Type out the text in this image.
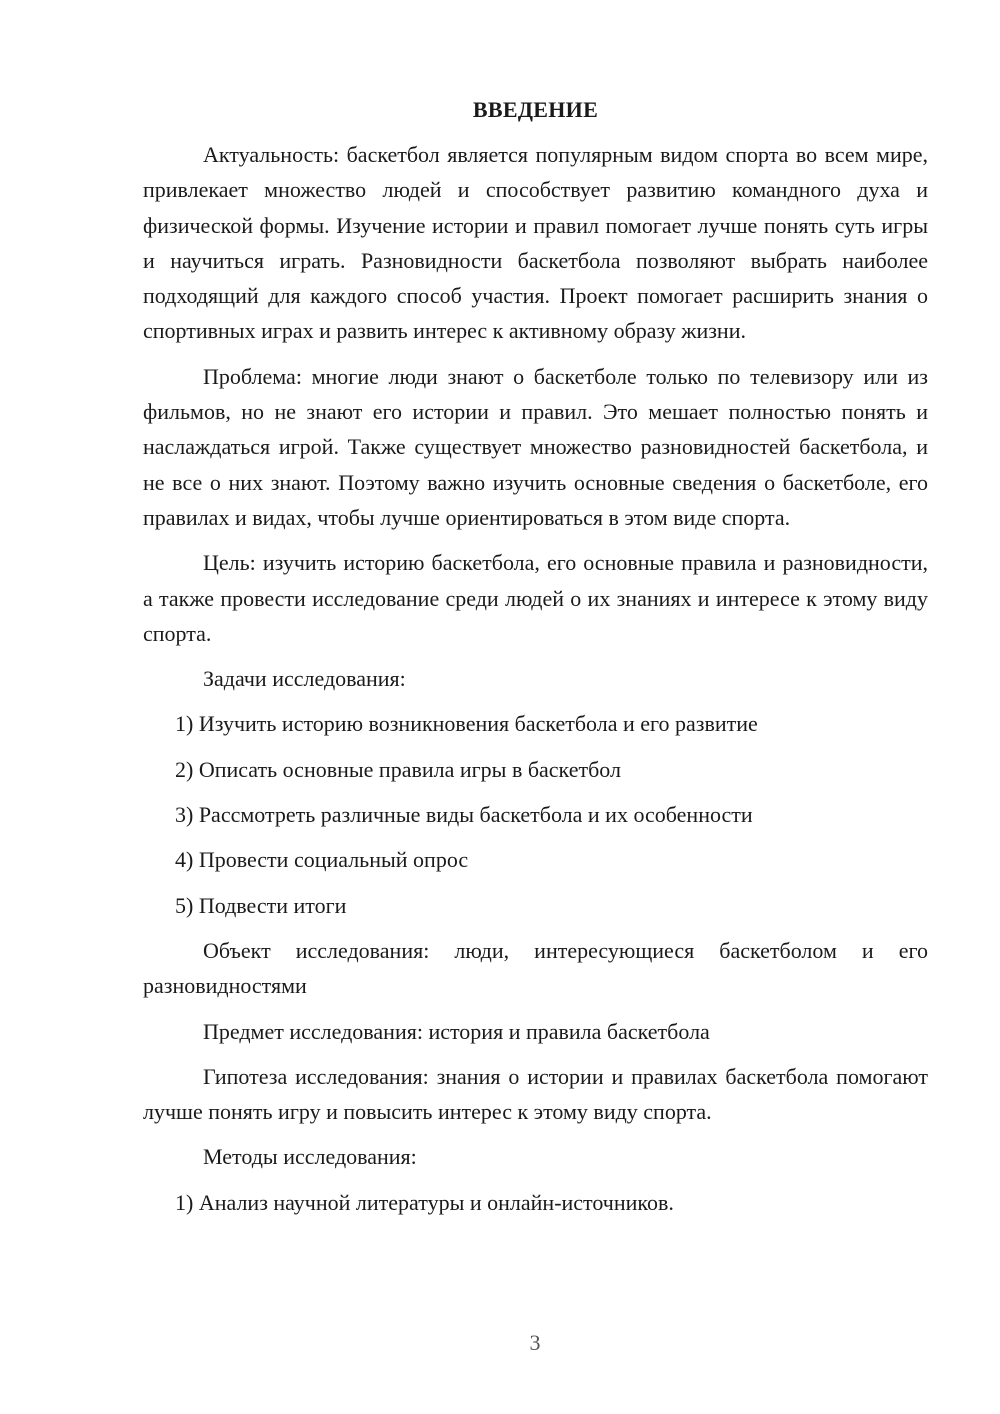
ВВЕДЕНИЕ

Актуальность: баскетбол является популярным видом спорта во всем мире, привлекает множество людей и способствует развитию командного духа и физической формы. Изучение истории и правил помогает лучше понять суть игры и научиться играть. Разновидности баскетбола позволяют выбрать наиболее подходящий для каждого способ участия. Проект помогает расширить знания о спортивных играх и развить интерес к активному образу жизни.

Проблема: многие люди знают о баскетболе только по телевизору или из фильмов, но не знают его истории и правил. Это мешает полностью понять и наслаждаться игрой. Также существует множество разновидностей баскетбола, и не все о них знают. Поэтому важно изучить основные сведения о баскетболе, его правилах и видах, чтобы лучше ориентироваться в этом виде спорта.

Цель: изучить историю баскетбола, его основные правила и разновидности, а также провести исследование среди людей о их знаниях и интересе к этому виду спорта.

Задачи исследования:

1) Изучить историю возникновения баскетбола и его развитие
2) Описать основные правила игры в баскетбол
3) Рассмотреть различные виды баскетбола и их особенности
4) Провести социальный опрос
5) Подвести итоги

Объект исследования: люди, интересующиеся баскетболом и его разновидностями

Предмет исследования: история и правила баскетбола

Гипотеза исследования: знания о истории и правилах баскетбола помогают лучше понять игру и повысить интерес к этому виду спорта.

Методы исследования:

1) Анализ научной литературы и онлайн-источников.
3
